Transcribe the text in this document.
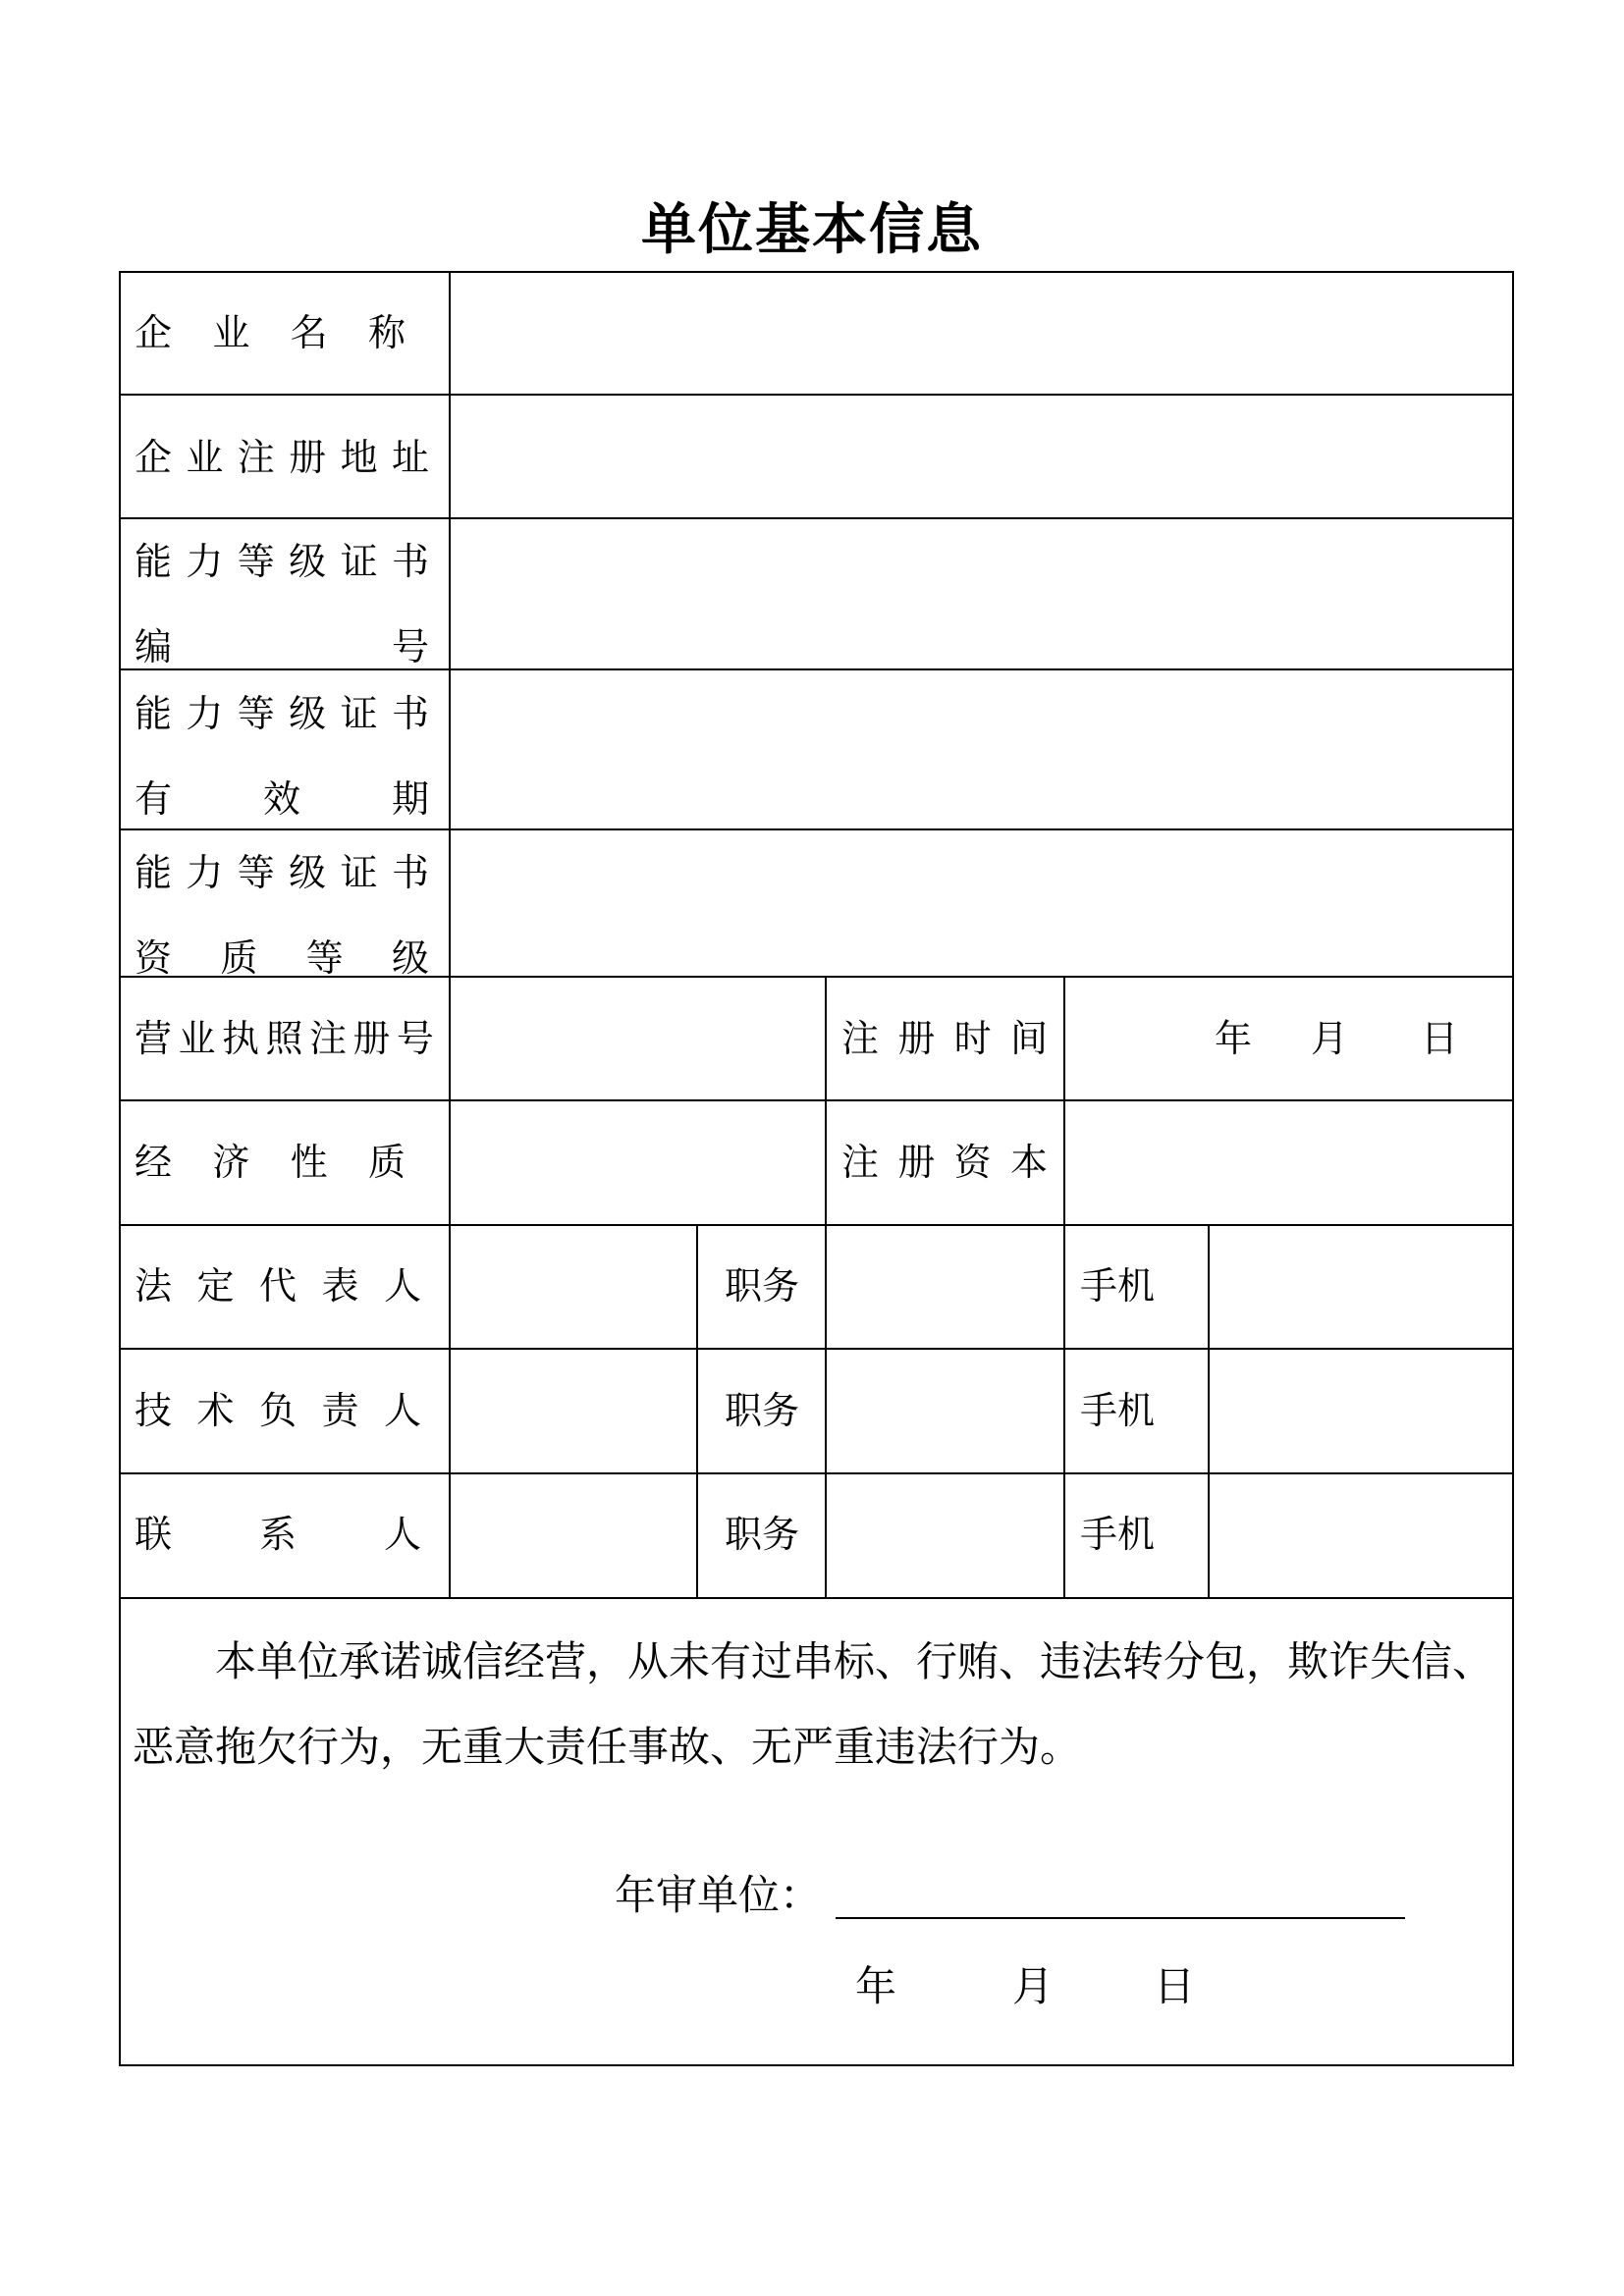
单位基本信息
企 业 名 称
企 业 注 册 地 址
能 力 等 级 证 书
编	号
能 力 等 级 证 书
有 效 期
能 力 等 级 证 书
资 质 等 级
营 业 执 照 注 册 号	注 册 时 间	年 月 日
经 济 性 质	注 册 资 本
法 定 代 表 人	职务	手机
技 术 负 责 人	职务	手机
联 系 人	职务	手机
本单位承诺诚信经营，从未有过串标、行贿、违法转分包，欺诈失信、恶意拖欠行为，无重大责任事故、无严重违法行为。
年审单位：
年	月 日
